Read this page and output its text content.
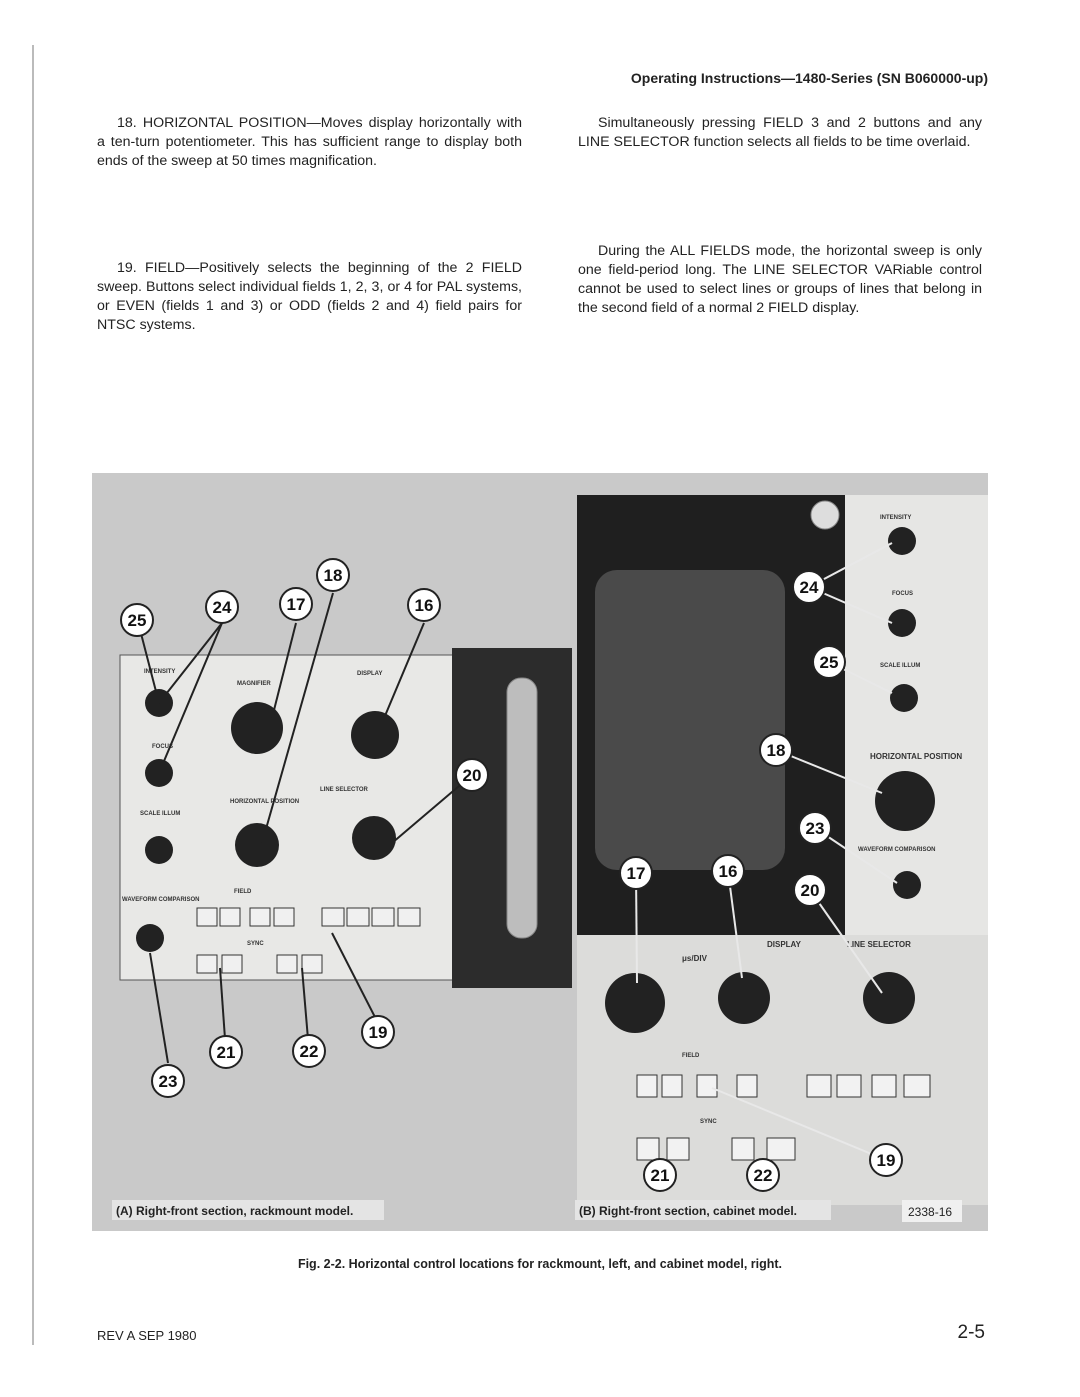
Operating Instructions—1480-Series (SN B060000-up)

18. HORIZONTAL POSITION—Moves display horizontally with a ten-turn potentiometer. This has sufficient range to display both ends of the sweep at 50 times magnification.

19. FIELD—Positively selects the beginning of the 2 FIELD sweep. Buttons select individual fields 1, 2, 3, or 4 for PAL systems, or EVEN (fields 1 and 3) or ODD (fields 2 and 4) field pairs for NTSC systems.

Simultaneously pressing FIELD 3 and 2 buttons and any LINE SELECTOR function selects all fields to be time overlaid.

During the ALL FIELDS mode, the horizontal sweep is only one field-period long. The LINE SELECTOR VARiable control cannot be used to select lines or groups of lines that belong in the second field of a normal 2 FIELD display.

INTENSITY
FOCUS
SCALE ILLUM
MAGNIFIER
DISPLAY
HORIZONTAL POSITION
LINE SELECTOR
FIELD
SYNC
WAVEFORM COMPARISON
25
24	17
18
16
20
19
23
21	22
INTENSITY
FOCUS
SCALE ILLUM
HORIZONTAL POSITION
WAVEFORM COMPARISON
LINE SELECTOR
DISPLAY
μs/DIV
FIELD
SYNC
24
25
18
23
17	16
20
21	22
19
(A) Right-front section, rackmount model.	(B) Right-front section, cabinet model.	2338-16
Fig. 2-2. Horizontal control locations for rackmount, left, and cabinet model, right.
REV A SEP 1980	2-5
